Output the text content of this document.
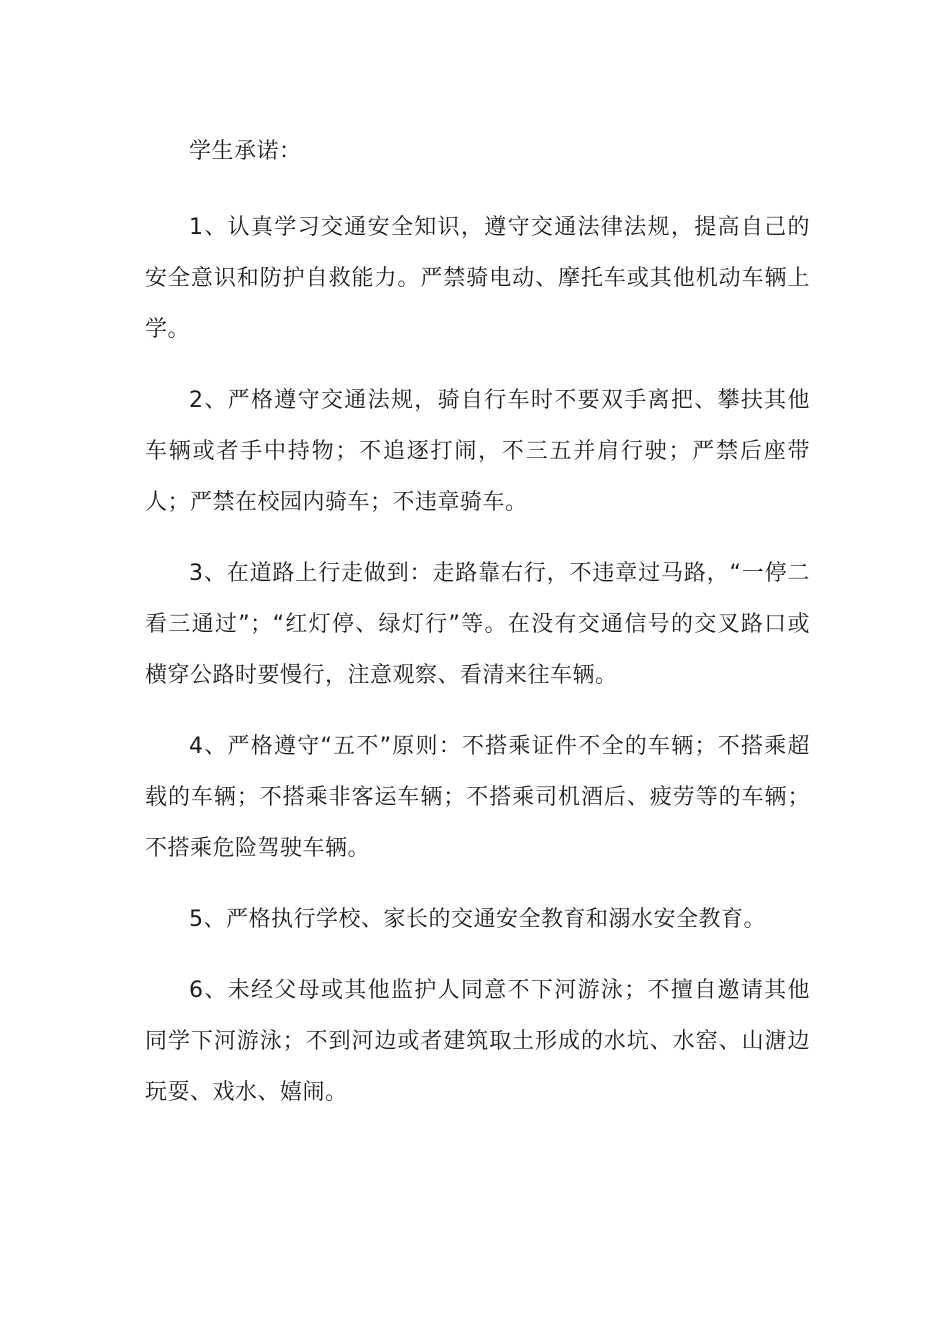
学生承诺：

1、认真学习交通安全知识，遵守交通法律法规，提高自己的安全意识和防护自救能力。严禁骑电动、摩托车或其他机动车辆上学。

2、严格遵守交通法规，骑自行车时不要双手离把、攀扶其他车辆或者手中持物；不追逐打闹，不三五并肩行驶；严禁后座带人；严禁在校园内骑车；不违章骑车。

3、在道路上行走做到：走路靠右行，不违章过马路，“一停二看三通过”；“红灯停、绿灯行”等。在没有交通信号的交叉路口或横穿公路时要慢行，注意观察、看清来往车辆。

4、严格遵守“五不”原则：不搭乘证件不全的车辆；不搭乘超载的车辆；不搭乘非客运车辆；不搭乘司机酒后、疲劳等的车辆；不搭乘危险驾驶车辆。

5、严格执行学校、家长的交通安全教育和溺水安全教育。

6、未经父母或其他监护人同意不下河游泳；不擅自邀请其他同学下河游泳；不到河边或者建筑取土形成的水坑、水窑、山溏边玩耍、戏水、嬉闹。
